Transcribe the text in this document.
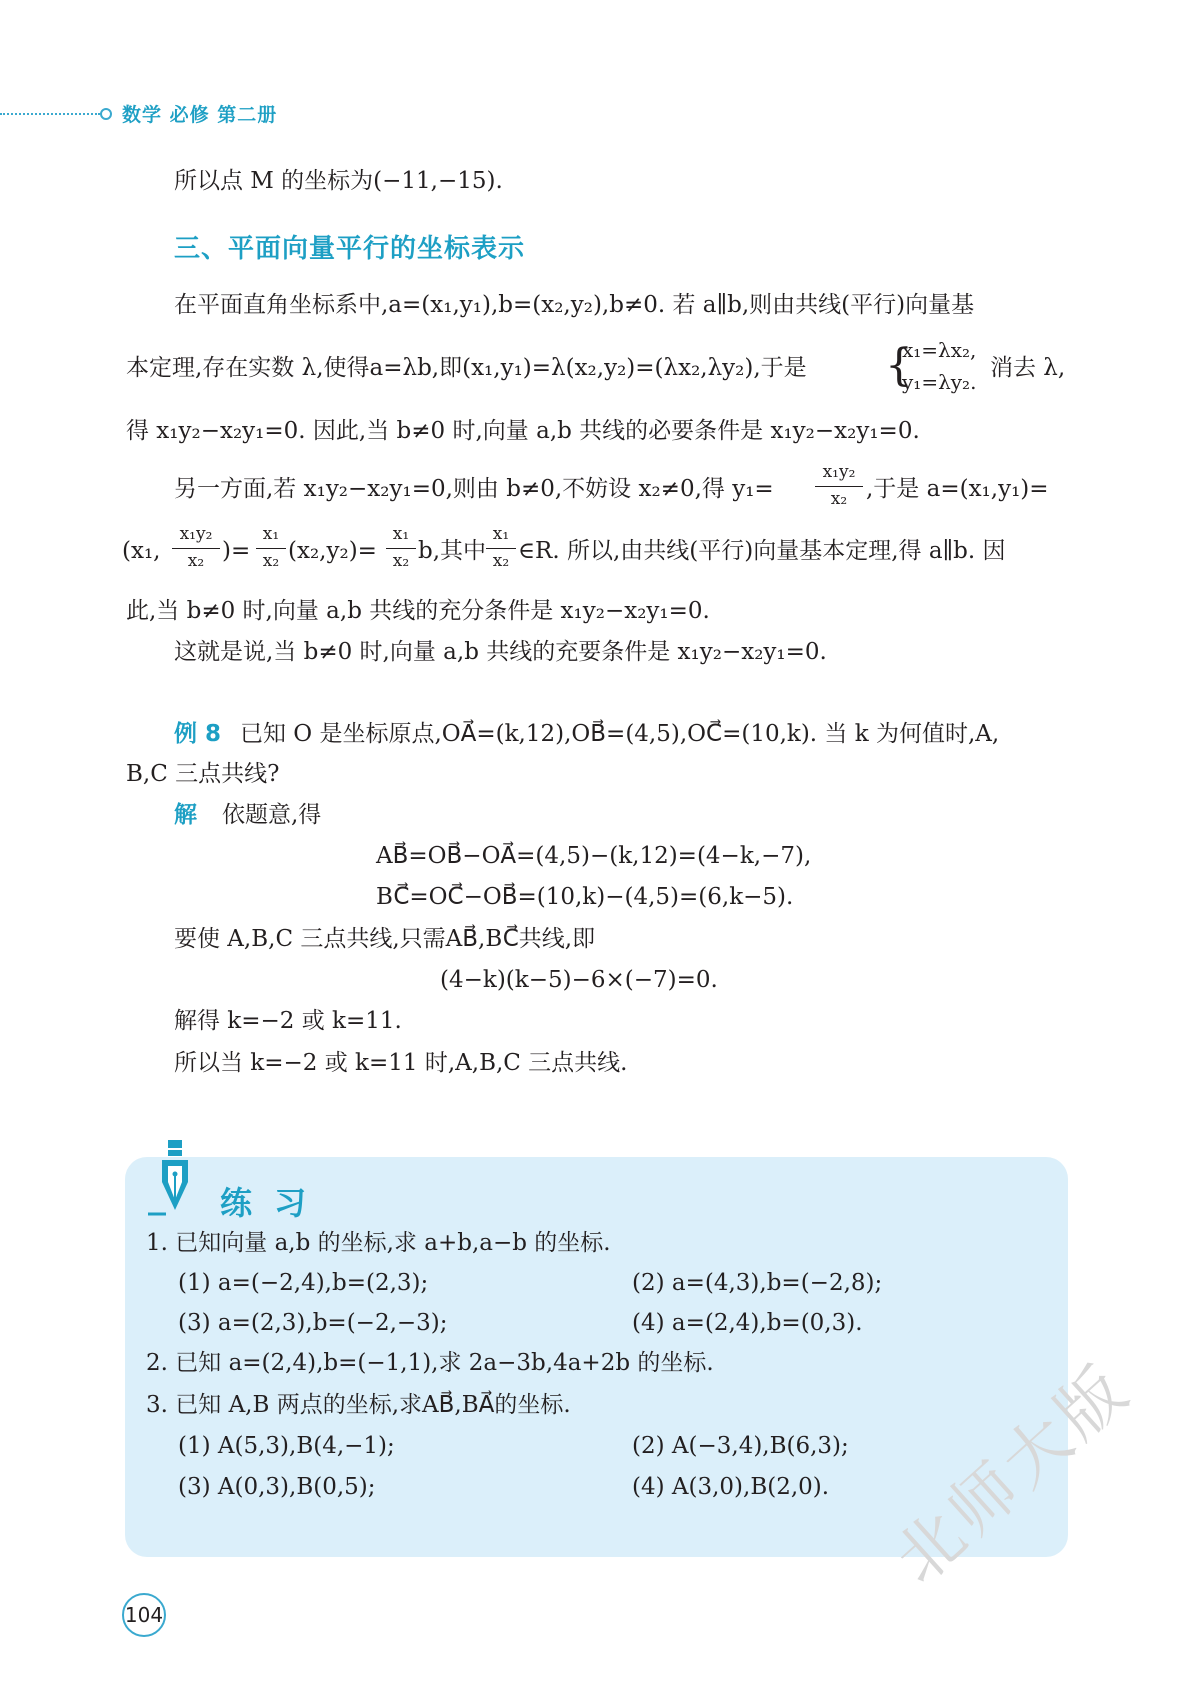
数学 必修 第二册
所以点 M 的坐标为(−11,−15).
三、平面向量平行的坐标表示
在平面直角坐标系中,a=(x₁,y₁),b=(x₂,y₂),b≠0. 若 a∥b,则由共线(平行)向量基
本定理,存在实数 λ,使得a=λb,即(x₁,y₁)=λ(x₂,y₂)=(λx₂,λy₂),于是 {
x₁=λx₂,
y₁=λy₂.
消去 λ,
得 x₁y₂−x₂y₁=0. 因此,当 b≠0 时,向量 a,b 共线的必要条件是 x₁y₂−x₂y₁=0.
另一方面,若 x₁y₂−x₂y₁=0,则由 b≠0,不妨设 x₂≠0,得 y₁=
x₁y₂
x₂ ,于是 a=(x₁,y₁)=
(x₁,
x₁y₂
x₂ )=
x₁
x₂ (x₂,y₂)=
x₁
x₂ b,其中
x₁
x₂ ∈R. 所以,由共线(平行)向量基本定理,得 a∥b. 因
此,当 b≠0 时,向量 a,b 共线的充分条件是 x₁y₂−x₂y₁=0.
这就是说,当 b≠0 时,向量 a,b 共线的充要条件是 x₁y₂−x₂y₁=0.
例 8 已知 O 是坐标原点,OA⃗=(k,12),OB⃗=(4,5),OC⃗=(10,k). 当 k 为何值时,A,
B,C 三点共线?
解 依题意,得
AB⃗=OB⃗−OA⃗=(4,5)−(k,12)=(4−k,−7),
BC⃗=OC⃗−OB⃗=(10,k)−(4,5)=(6,k−5).
要使 A,B,C 三点共线,只需AB⃗,BC⃗共线,即
(4−k)(k−5)−6×(−7)=0.
解得 k=−2 或 k=11.
所以当 k=−2 或 k=11 时,A,B,C 三点共线.
练习
1. 已知向量 a,b 的坐标,求 a+b,a−b 的坐标.
(1) a=(−2,4),b=(2,3);	(2) a=(4,3),b=(−2,8);
(3) a=(2,3),b=(−2,−3);	(4) a=(2,4),b=(0,3).
2. 已知 a=(2,4),b=(−1,1),求 2a−3b,4a+2b 的坐标.
3. 已知 A,B 两点的坐标,求AB⃗,BA⃗的坐标.
(1) A(5,3),B(4,−1);	(2) A(−3,4),B(6,3);
(3) A(0,3),B(0,5);	(4) A(3,0),B(2,0).
104
北师大版
